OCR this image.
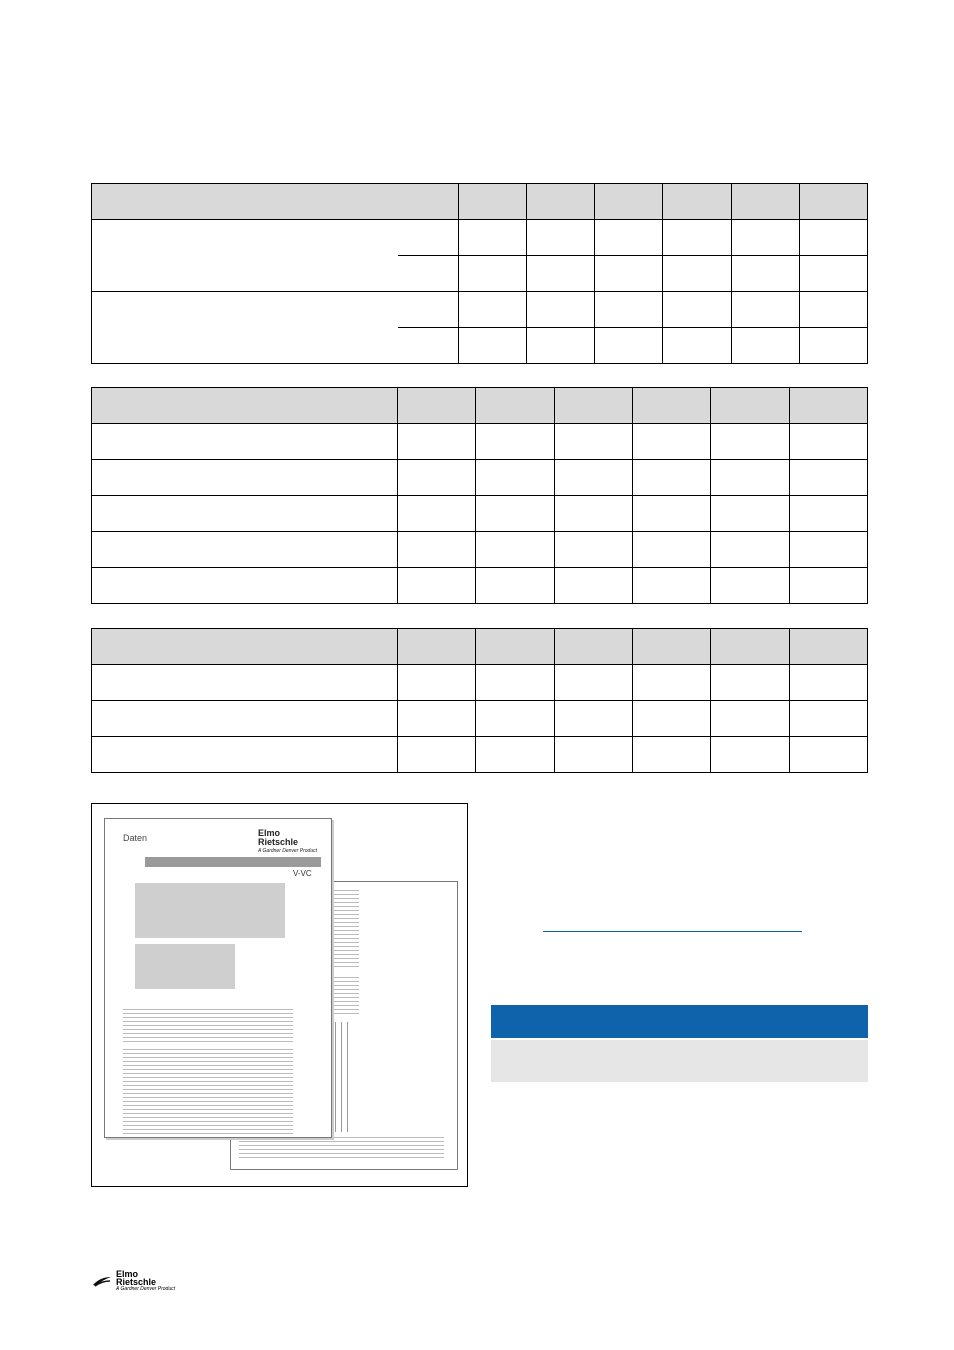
Daten	Elmo
Rietschle
A Gardner Denver Product
V-VC
Elmo
Rietschle
A Gardner Denver Product
